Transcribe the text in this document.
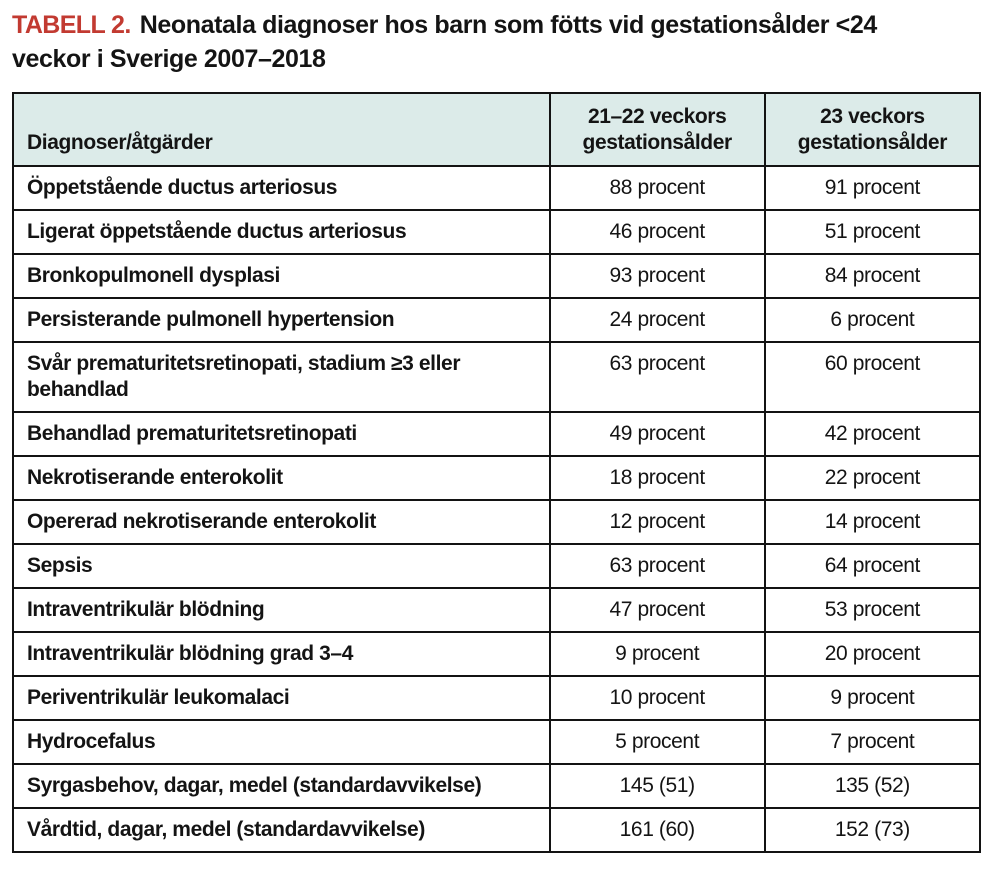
TABELL 2. Neonatala diagnoser hos barn som fötts vid gestationsålder <24 veckor i Sverige 2007–2018
Diagnoser/åtgärder	21–22 veckors gestationsålder	23 veckors gestationsålder
Öppetstående ductus arteriosus	88 procent	91 procent
Ligerat öppetstående ductus arteriosus	46 procent	51 procent
Bronkopulmonell dysplasi	93 procent	84 procent
Persisterande pulmonell hypertension	24 procent	6 procent
Svår prematuritetsretinopati, stadium ≥3 eller behandlad	63 procent	60 procent
Behandlad prematuritetsretinopati	49 procent	42 procent
Nekrotiserande enterokolit	18 procent	22 procent
Opererad nekrotiserande enterokolit	12 procent	14 procent
Sepsis	63 procent	64 procent
Intraventrikulär blödning	47 procent	53 procent
Intraventrikulär blödning grad 3–4	9 procent	20 procent
Periventrikulär leukomalaci	10 procent	9 procent
Hydrocefalus	5 procent	7 procent
Syrgasbehov, dagar, medel (standardavvikelse)	145 (51)	135 (52)
Vårdtid, dagar, medel (standardavvikelse)	161 (60)	152 (73)
